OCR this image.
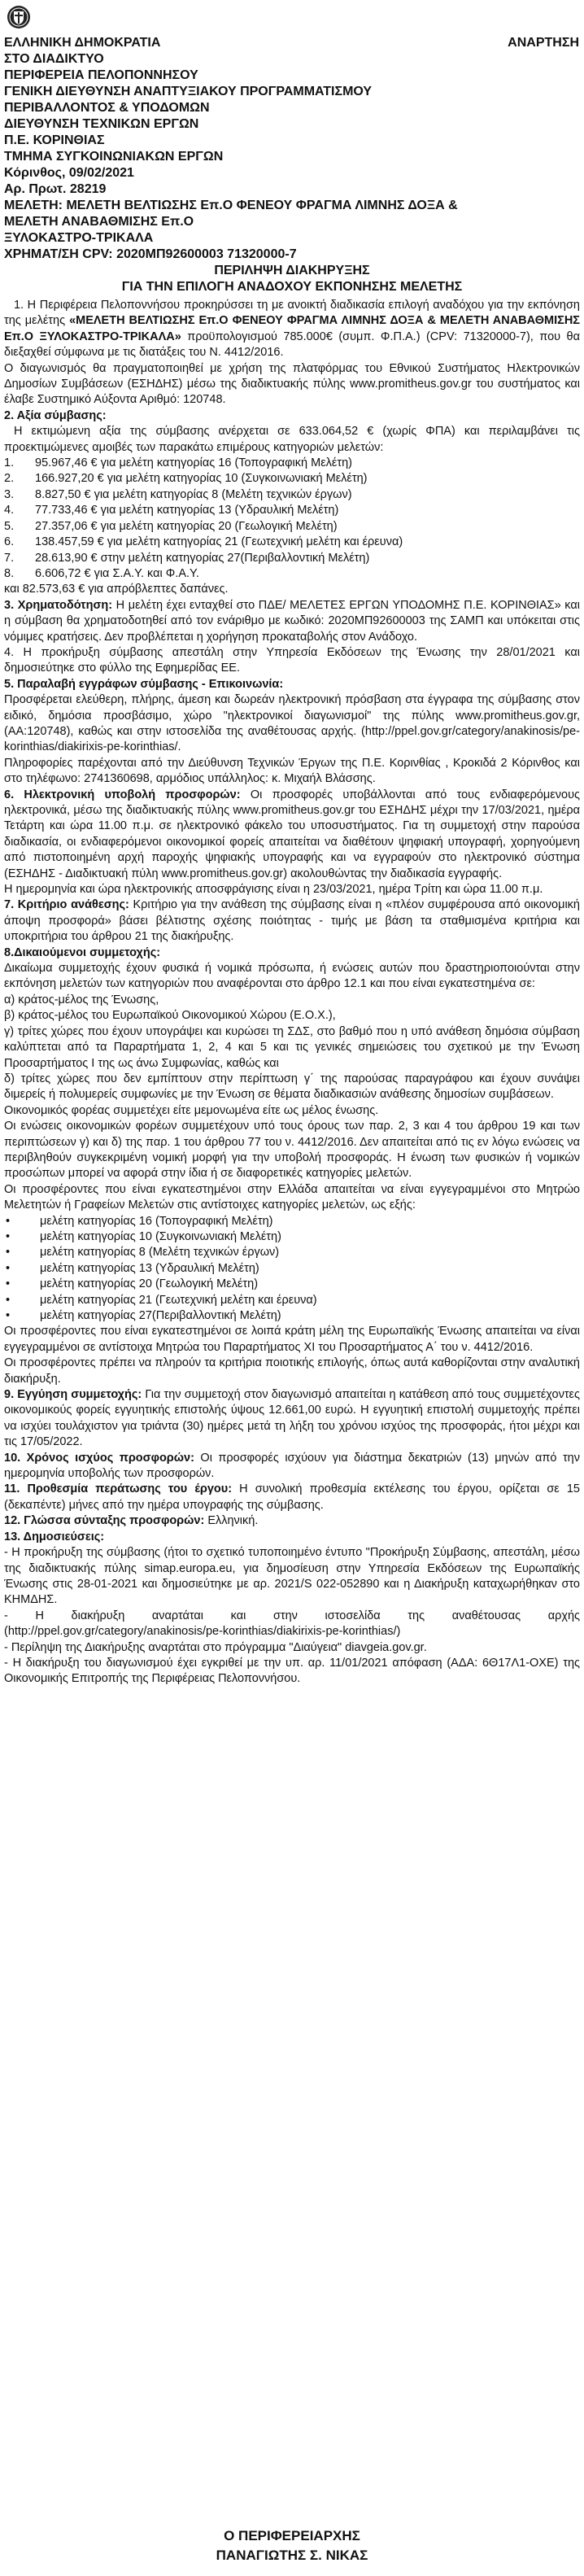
ΑΝΑΡΤΗΣΗ
ΕΛΛΗΝΙΚΗ ΔΗΜΟΚΡΑΤΙΑ
ΣΤΟ ΔΙΑΔΙΚΤΥΟ
ΠΕΡΙΦΕΡΕΙΑ ΠΕΛΟΠΟΝΝΗΣΟΥ
ΓΕΝΙΚΗ ΔΙΕΥΘΥΝΣΗ ΑΝΑΠΤΥΞΙΑΚΟΥ ΠΡΟΓΡΑΜΜΑΤΙΣΜΟΥ
ΠΕΡΙΒΑΛΛΟΝΤΟΣ & ΥΠΟΔΟΜΩΝ
ΔΙΕΥΘΥΝΣΗ ΤΕΧΝΙΚΩΝ ΕΡΓΩΝ
Π.Ε. ΚΟΡΙΝΘΙΑΣ
ΤΜΗΜΑ ΣΥΓΚΟΙΝΩΝΙΑΚΩΝ ΕΡΓΩΝ
Κόρινθος, 09/02/2021
Αρ. Πρωτ. 28219
ΜΕΛΕΤΗ: ΜΕΛΕΤΗ ΒΕΛΤΙΩΣΗΣ Επ.Ο ΦΕΝΕΟΥ ΦΡΑΓΜΑ ΛΙΜΝΗΣ ΔΟΞΑ &
ΜΕΛΕΤΗ ΑΝΑΒΑΘΜΙΣΗΣ Επ.Ο
ΞΥΛΟΚΑΣΤΡΟ-ΤΡΙΚΑΛΑ
ΧΡΗΜΑΤ/ΣΗ CPV: 2020ΜΠ92600003 71320000-7
ΠΕΡΙΛΗΨΗ ΔΙΑΚΗΡΥΞΗΣ
ΓΙΑ ΤΗΝ ΕΠΙΛΟΓΗ ΑΝΑΔΟΧΟΥ ΕΚΠΟΝΗΣΗΣ ΜΕΛΕΤΗΣ

1. Η Περιφέρεια Πελοποννήσου προκηρύσσει τη με ανοικτή διαδικασία επιλογή αναδόχου για την εκπόνηση της μελέτης «ΜΕΛΕΤΗ ΒΕΛΤΙΩΣΗΣ Επ.Ο ΦΕΝΕΟΥ ΦΡΑΓΜΑ ΛΙΜΝΗΣ ΔΟΞΑ & ΜΕΛΕΤΗ ΑΝΑΒΑΘΜΙΣΗΣ Επ.Ο ΞΥΛΟΚΑΣΤΡΟ-ΤΡΙΚΑΛΑ» προϋπολογισμού 785.000€ (συμπ. Φ.Π.Α.) (CPV: 71320000-7), που θα διεξαχθεί σύμφωνα με τις διατάξεις του Ν. 4412/2016.

Ο διαγωνισμός θα πραγματοποιηθεί με χρήση της πλατφόρμας του Εθνικού Συστήματος Ηλεκτρονικών Δημοσίων Συμβάσεων (ΕΣΗΔΗΣ) μέσω της διαδικτυακής πύλης www.promitheus.gov.gr του συστήματος και έλαβε Συστημικό Αύξοντα Αριθμό: 120748.

2. Αξία σύμβασης:

Η εκτιμώμενη αξία της σύμβασης ανέρχεται σε 633.064,52 € (χωρίς ΦΠΑ) και περιλαμβάνει τις προεκτιμώμενες αμοιβές των παρακάτω επιμέρους κατηγοριών μελετών:

1.	95.967,46 € για μελέτη κατηγορίας 16 (Τοπογραφική Μελέτη)
2.	166.927,20 € για μελέτη κατηγορίας 10 (Συγκοινωνιακή Μελέτη)
3.	8.827,50 € για μελέτη κατηγορίας 8 (Μελέτη τεχνικών έργων)
4.	77.733,46 € για μελέτη κατηγορίας 13 (Υδραυλική Μελέτη)
5.	27.357,06 € για μελέτη κατηγορίας 20 (Γεωλογική Μελέτη)
6.	138.457,59 € για μελέτη κατηγορίας 21 (Γεωτεχνική μελέτη και έρευνα)
7.	28.613,90 € στην μελέτη κατηγορίας 27(Περιβαλλοντική Μελέτη)
8.	6.606,72 € για Σ.Α.Υ. και Φ.Α.Υ.

και 82.573,63 € για απρόβλεπτες δαπάνες.

3. Χρηματοδότηση: Η μελέτη έχει ενταχθεί στο ΠΔΕ/ ΜΕΛΕΤΕΣ ΕΡΓΩΝ ΥΠΟΔΟΜΗΣ Π.Ε. ΚΟΡΙΝΘΙΑΣ» και η σύμβαση θα χρηματοδοτηθεί από τον ενάριθμο με κωδικό: 2020ΜΠ92600003 της ΣΑΜΠ και υπόκειται στις νόμιμες κρατήσεις. Δεν προβλέπεται η χορήγηση προκαταβολής στον Ανάδοχο.

4. Η προκήρυξη σύμβασης απεστάλη στην Υπηρεσία Εκδόσεων της Ένωσης την 28/01/2021 και δημοσιεύτηκε στο φύλλο της Εφημερίδας ΕΕ.

5. Παραλαβή εγγράφων σύμβασης - Επικοινωνία:

Προσφέρεται ελεύθερη, πλήρης, άμεση και δωρεάν ηλεκτρονική πρόσβαση στα έγγραφα της σύμβασης στον ειδικό, δημόσια προσβάσιμο, χώρο "ηλεκτρονικοί διαγωνισμοί" της πύλης www.promitheus.gov.gr, (ΑΑ:120748), καθώς και στην ιστοσελίδα της αναθέτουσας αρχής. (http://ppel.gov.gr/category/anakinosis/pe-korinthias/diakirixis-pe-korinthias/.

Πληροφορίες παρέχονται από την Διεύθυνση Τεχνικών Έργων της Π.Ε. Κορινθίας , Κροκιδά 2 Κόρινθος και στο τηλέφωνο: 2741360698, αρμόδιος υπάλληλος: κ. Μιχαήλ Βλάσσης.

6. Ηλεκτρονική υποβολή προσφορών: Οι προσφορές υποβάλλονται από τους ενδιαφερόμενους ηλεκτρονικά, μέσω της διαδικτυακής πύλης www.promitheus.gov.gr του ΕΣΗΔΗΣ μέχρι την 17/03/2021, ημέρα Τετάρτη και ώρα 11.00 π.μ. σε ηλεκτρονικό φάκελο του υποσυστήματος. Για τη συμμετοχή στην παρούσα διαδικασία, οι ενδιαφερόμενοι οικονομικοί φορείς απαιτείται να διαθέτουν ψηφιακή υπογραφή, χορηγούμενη από πιστοποιημένη αρχή παροχής ψηφιακής υπογραφής και να εγγραφούν στο ηλεκτρονικό σύστημα (ΕΣΗΔΗΣ - Διαδικτυακή πύλη www.promitheus.gov.gr) ακολουθώντας την διαδικασία εγγραφής.

Η ημερομηνία και ώρα ηλεκτρονικής αποσφράγισης είναι η 23/03/2021, ημέρα Τρίτη και ώρα 11.00 π.μ.

7. Κριτήριο ανάθεσης: Κριτήριο για την ανάθεση της σύμβασης είναι η «πλέον συμφέρουσα από οικονομική άποψη προσφορά» βάσει βέλτιστης σχέσης ποιότητας - τιμής με βάση τα σταθμισμένα κριτήρια και υποκριτήρια του άρθρου 21 της διακήρυξης.

8.Δικαιούμενοι συμμετοχής:

Δικαίωμα συμμετοχής έχουν φυσικά ή νομικά πρόσωπα, ή ενώσεις αυτών που δραστηριοποιούνται στην εκπόνηση μελετών των κατηγοριών που αναφέρονται στο άρθρο 12.1 και που είναι εγκατεστημένα σε:

α) κράτος-μέλος της Ένωσης,

β) κράτος-μέλος του Ευρωπαϊκού Οικονομικού Χώρου (Ε.Ο.Χ.),

γ) τρίτες χώρες που έχουν υπογράψει και κυρώσει τη ΣΔΣ, στο βαθμό που η υπό ανάθεση δημόσια σύμβαση καλύπτεται από τα Παραρτήματα 1, 2, 4 και 5 και τις γενικές σημειώσεις του σχετικού με την Ένωση Προσαρτήματος I της ως άνω Συμφωνίας, καθώς και

δ) τρίτες χώρες που δεν εμπίπτουν στην περίπτωση γ΄ της παρούσας παραγράφου και έχουν συνάψει διμερείς ή πολυμερείς συμφωνίες με την Ένωση σε θέματα διαδικασιών ανάθεσης δημοσίων συμβάσεων.

Οικονομικός φορέας συμμετέχει είτε μεμονωμένα είτε ως μέλος ένωσης.

Οι ενώσεις οικονομικών φορέων συμμετέχουν υπό τους όρους των παρ. 2, 3 και 4 του άρθρου 19 και των περιπτώσεων γ) και δ) της παρ. 1 του άρθρου 77 του ν. 4412/2016. Δεν απαιτείται από τις εν λόγω ενώσεις να περιβληθούν συγκεκριμένη νομική μορφή για την υποβολή προσφοράς. Η ένωση των φυσικών ή νομικών προσώπων μπορεί να αφορά στην ίδια ή σε διαφορετικές κατηγορίες μελετών.

Οι προσφέροντες που είναι εγκατεστημένοι στην Ελλάδα απαιτείται να είναι εγγεγραμμένοι στο Μητρώο Μελετητών ή Γραφείων Μελετών στις αντίστοιχες κατηγορίες μελετών, ως εξής:

•	μελέτη κατηγορίας 16 (Τοπογραφική Μελέτη)
•	μελέτη κατηγορίας 10 (Συγκοινωνιακή Μελέτη)
•	μελέτη κατηγορίας 8 (Μελέτη τεχνικών έργων)
•	μελέτη κατηγορίας 13 (Υδραυλική Μελέτη)
•	μελέτη κατηγορίας 20 (Γεωλογική Μελέτη)
•	μελέτη κατηγορίας 21 (Γεωτεχνική μελέτη και έρευνα)
•	μελέτη κατηγορίας 27(Περιβαλλοντική Μελέτη)

Οι προσφέροντες που είναι εγκατεστημένοι σε λοιπά κράτη μέλη της Ευρωπαϊκής Ένωσης απαιτείται να είναι εγγεγραμμένοι σε αντίστοιχα Μητρώα του Παραρτήματος XI του Προσαρτήματος Α΄ του ν. 4412/2016.

Οι προσφέροντες πρέπει να πληρούν τα κριτήρια ποιοτικής επιλογής, όπως αυτά καθορίζονται στην αναλυτική διακήρυξη.

9. Εγγύηση συμμετοχής: Για την συμμετοχή στον διαγωνισμό απαιτείται η κατάθεση από τους συμμετέχοντες οικονομικούς φορείς εγγυητικής επιστολής ύψους 12.661,00 ευρώ. Η εγγυητική επιστολή συμμετοχής πρέπει να ισχύει τουλάχιστον για τριάντα (30) ημέρες μετά τη λήξη του χρόνου ισχύος της προσφοράς, ήτοι μέχρι και τις 17/05/2022.

10. Χρόνος ισχύος προσφορών: Οι προσφορές ισχύουν για διάστημα δεκατριών (13) μηνών από την ημερομηνία υποβολής των προσφορών.

11. Προθεσμία περάτωσης του έργου: Η συνολική προθεσμία εκτέλεσης του έργου, ορίζεται σε 15 (δεκαπέντε) μήνες από την ημέρα υπογραφής της σύμβασης.

12. Γλώσσα σύνταξης προσφορών: Ελληνική.

13. Δημοσιεύσεις:

- Η προκήρυξη της σύμβασης (ήτοι το σχετικό τυποποιημένο έντυπο "Προκήρυξη Σύμβασης, απεστάλη, μέσω της διαδικτυακής πύλης simap.europa.eu, για δημοσίευση στην Υπηρεσία Εκδόσεων της Ευρωπαϊκής Ένωσης στις 28-01-2021 και δημοσιεύτηκε με αρ. 2021/S 022-052890 και η Διακήρυξη καταχωρήθηκαν στο ΚΗΜΔΗΣ.

- Η διακήρυξη αναρτάται και στην ιστοσελίδα της αναθέτουσας αρχής (http://ppel.gov.gr/category/anakinosis/pe-korinthias/diakirixis-pe-korinthias/)

- Περίληψη της Διακήρυξης αναρτάται στο πρόγραμμα "Διαύγεια" diavgeia.gov.gr.

- Η διακήρυξη του διαγωνισμού έχει εγκριθεί με την υπ. αρ. 11/01/2021 απόφαση (ΑΔΑ: 6Θ17Λ1-ΟΧΕ) της Οικονομικής Επιτροπής της Περιφέρειας Πελοποννήσου.

Ο ΠΕΡΙΦΕΡΕΙΑΡΧΗΣ
ΠΑΝΑΓΙΩΤΗΣ Σ. ΝΙΚΑΣ
